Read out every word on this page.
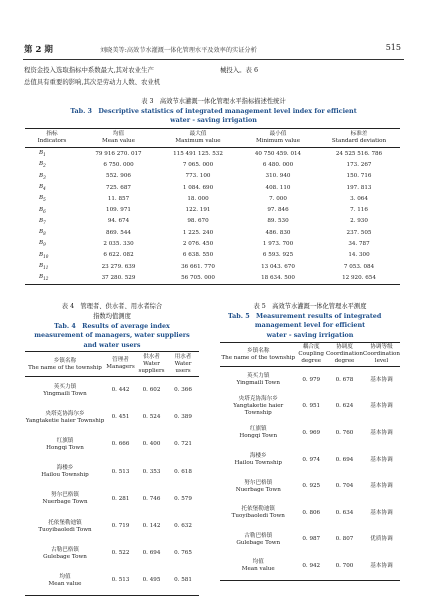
第 2 期	刘晓美等:高效节水灌溉一体化管理水平及效率的实证分析	515
程资金投入选取指标中系数最大,其对农业生产	械投入。表 6
总值具有重要的影响,其次是劳动力人数、农业机
表 3　高效节水灌溉一体化管理水平指标描述性统计
Tab. 3　Descriptive statistics of integrated management level index for efficient
water - saving irrigation
指标
Indicators	均值
Mean value	最大值
Maximum value	最小值
Minimum value	标准差
Standard deviation
$B_1$	79 916 270. 017	115 491 125. 532	40 750 459. 014	24 525 516. 786
$B_2$	6 750. 000	7 065. 000	6 480. 000	173. 267
$B_3$	552. 906	773. 100	310. 940	150. 716
$B_4$	725. 687	1 084. 690	408. 110	197. 813
$B_5$	11. 857	18. 000	7. 000	3. 064
$B_6$	109. 971	122. 191	97. 846	7. 116
$B_7$	94. 674	98. 670	89. 530	2. 930
$B_8$	869. 544	1 225. 240	486. 830	237. 505
$B_9$	2 035. 330	2 076. 450	1 973. 700	34. 787
$B_{10}$	6 622. 082	6 638. 550	6 593. 925	14. 300
$B_{11}$	23 279. 639	36 661. 770	13 043. 670	7 053. 084
$B_{12}$	37 280. 529	56 705. 000	18 634. 500	12 920. 654
表 4　管理者、供水者、用水者综合
指数均值测度
Tab. 4　Results of average index
measurement of managers, water suppliers
and water users
乡镇名称
The name of the township	管理者
Managers	供水者
Water suppliers	用水者
Water users
英买力镇
Yingmaili Town	0. 442	0. 602	0. 366
央塔克协海尔乡
Yangtaketie haier Township	0. 451	0. 524	0. 389
红旗镇
Hongqi Town	0. 666	0. 400	0. 721
海楼乡
Hailou Township	0. 513	0. 353	0. 618
努尔巴格镇
Nuerbage Town	0. 281	0. 746	0. 579
托依堡勒迪镇
Tuoyibaoledi Town	0. 719	0. 142	0. 632
古勒巴格镇
Gulebage Town	0. 522	0. 694	0. 765
均值
Mean value	0. 513	0. 495	0. 581
表 5　高效节水灌溉一体化管理水平测度
Tab. 5　Measurement results of integrated
management level for efficient
water - saving irrigation
乡镇名称
The name of the township	耦合度
Coupling degree	协调度
Coordination degree	协调等级
Coordination level
英买力镇
Yingmaili Town	0. 979	0. 678	基本协调
央塔克协海尔乡
Yangtaketie haier Township	0. 951	0. 624	基本协调
红旗镇
Hongqi Town	0. 969	0. 760	基本协调
海楼乡
Hailou Township	0. 974	0. 694	基本协调
努尔巴格镇
Nuerbage Town	0. 925	0. 704	基本协调
托依堡勒迪镇
Tuoyibaoledi Town	0. 806	0. 634	基本协调
古勒巴格镇
Gulebage Town	0. 987	0. 807	优质协调
均值
Mean value	0. 942	0. 700	基本协调
